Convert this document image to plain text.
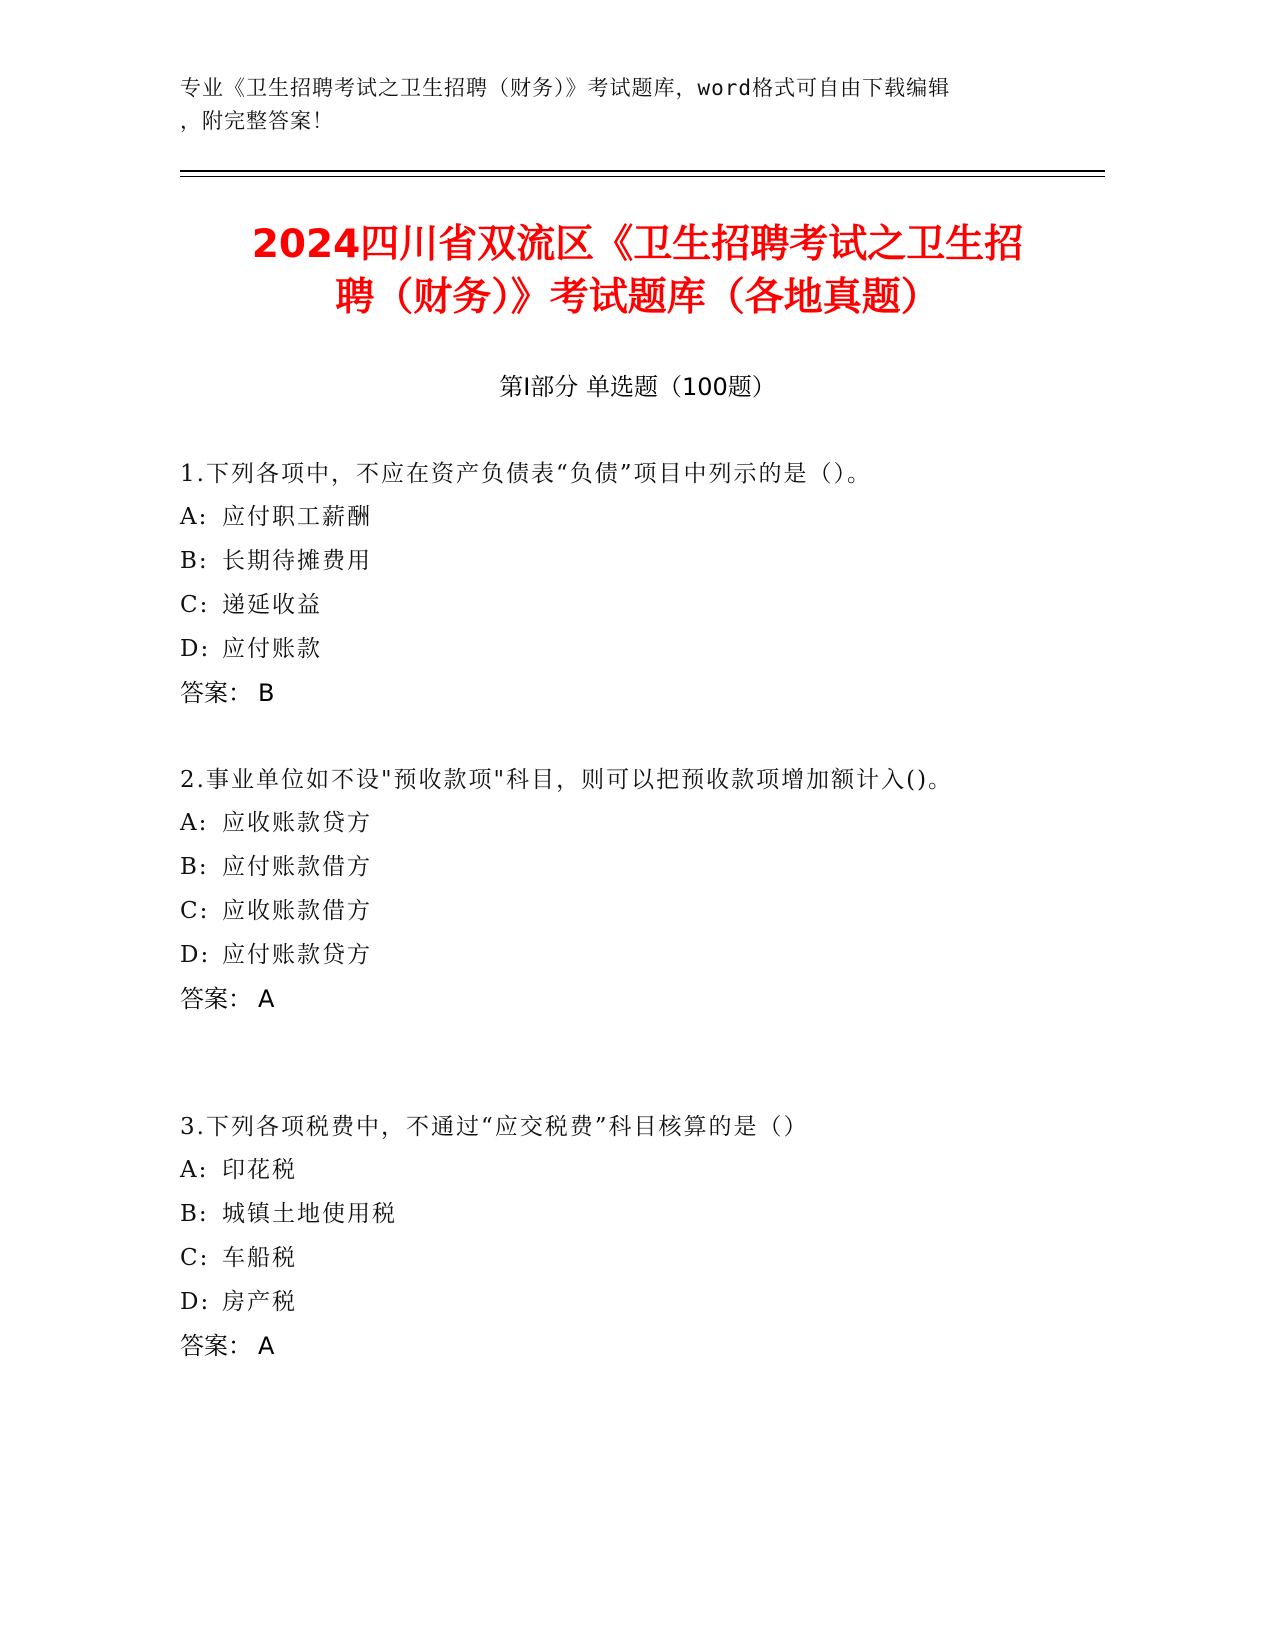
专业《卫生招聘考试之卫生招聘（财务）》考试题库，word格式可自由下载编辑
，附完整答案！
2024四川省双流区《卫生招聘考试之卫生招
聘（财务）》考试题库（各地真题）
第I部分 单选题（100题）
1.下列各项中，不应在资产负债表“负债”项目中列示的是（）。
A: 应付职工薪酬
B: 长期待摊费用
C: 递延收益
D: 应付账款
答案： B
2.事业单位如不设"预收款项"科目，则可以把预收款项增加额计入()。
A: 应收账款贷方
B: 应付账款借方
C: 应收账款借方
D: 应付账款贷方
答案： A
3.下列各项税费中，不通过“应交税费”科目核算的是（）
A: 印花税
B: 城镇土地使用税
C: 车船税
D: 房产税
答案： A
